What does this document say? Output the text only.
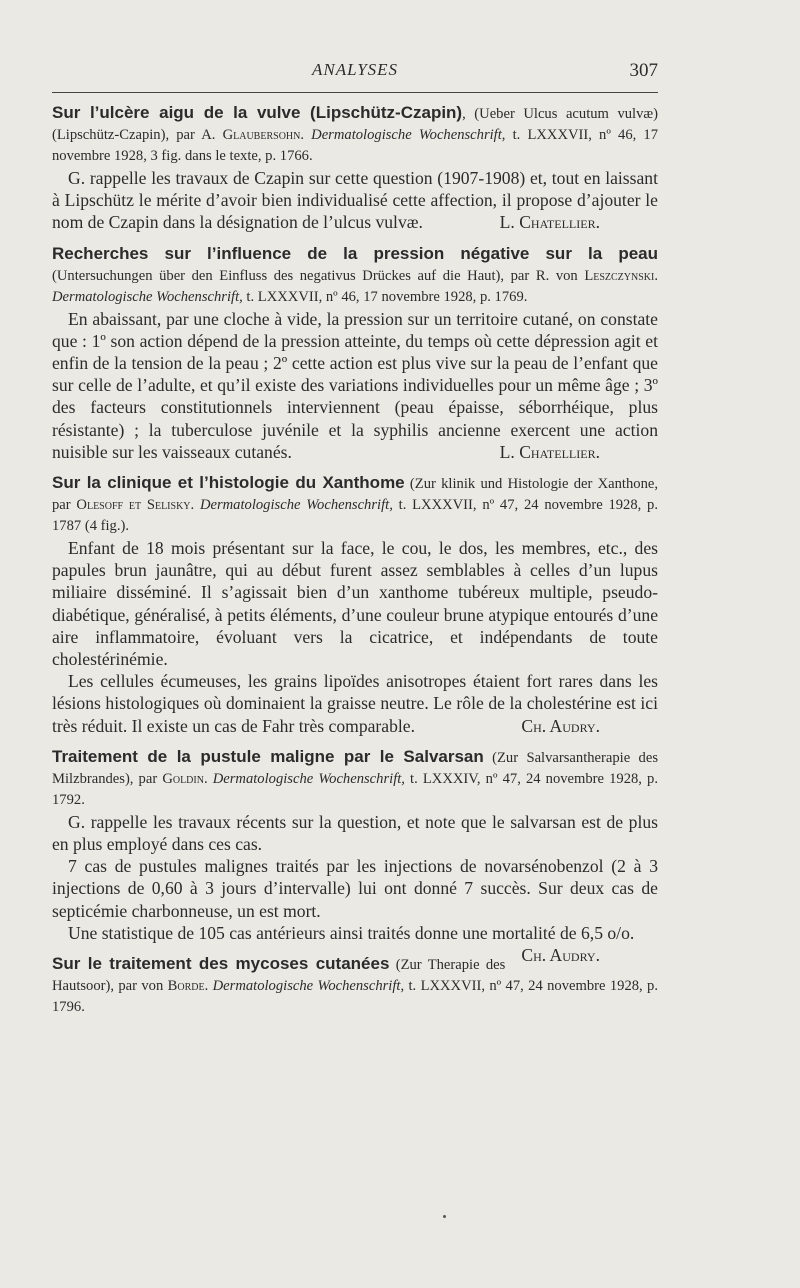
ANALYSES	307

Sur l’ulcère aigu de la vulve (Lipschütz-Czapin), (Ueber Ulcus acutum vulvæ) (Lipschütz-Czapin), par A. Glaubersohn. Dermatologische Wochenschrift, t. LXXXVII, nº 46, 17 novembre 1928, 3 fig. dans le texte, p. 1766.

G. rappelle les travaux de Czapin sur cette question (1907-1908) et, tout en laissant à Lipschütz le mérite d’avoir bien individualisé cette affection, il propose d’ajouter le nom de Czapin dans la désignation de l’ulcus vulvæ.	L. Chatellier.

Recherches sur l’influence de la pression négative sur la peau (Untersuchungen über den Einfluss des negativus Drückes auf die Haut), par R. von Leszczynski. Dermatologische Wochenschrift, t. LXXXVII, nº 46, 17 novembre 1928, p. 1769.

En abaissant, par une cloche à vide, la pression sur un territoire cutané, on constate que : 1º son action dépend de la pression atteinte, du temps où cette dépression agit et enfin de la tension de la peau ; 2º cette action est plus vive sur la peau de l’enfant que sur celle de l’adulte, et qu’il existe des variations individuelles pour un même âge ; 3º des facteurs constitutionnels interviennent (peau épaisse, séborrhéique, plus résistante) ; la tuberculose juvénile et la syphilis ancienne exercent une action nuisible sur les vaisseaux cutanés.	L. Chatellier.

Sur la clinique et l’histologie du Xanthome (Zur klinik und Histologie der Xanthone, par Olesoff et Selisky. Dermatologische Wochenschrift, t. LXXXVII, nº 47, 24 novembre 1928, p. 1787 (4 fig.).

Enfant de 18 mois présentant sur la face, le cou, le dos, les membres, etc., des papules brun jaunâtre, qui au début furent assez semblables à celles d’un lupus miliaire disséminé. Il s’agissait bien d’un xanthome tubéreux multiple, pseudo-diabétique, généralisé, à petits éléments, d’une couleur brune atypique entourés d’une aire inflammatoire, évoluant vers la cicatrice, et indépendants de toute cholestérinémie.

Les cellules écumeuses, les grains lipoïdes anisotropes étaient fort rares dans les lésions histologiques où dominaient la graisse neutre. Le rôle de la cholestérine est ici très réduit. Il existe un cas de Fahr très comparable.	Ch. Audry.

Traitement de la pustule maligne par le Salvarsan (Zur Salvarsantherapie des Milzbrandes), par Goldin. Dermatologische Wochenschrift, t. LXXXIV, nº 47, 24 novembre 1928, p. 1792.

G. rappelle les travaux récents sur la question, et note que le salvarsan est de plus en plus employé dans ces cas.

7 cas de pustules malignes traités par les injections de novarsénobenzol (2 à 3 injections de 0,60 à 3 jours d’intervalle) lui ont donné 7 succès. Sur deux cas de septicémie charbonneuse, un est mort.

Une statistique de 105 cas antérieurs ainsi traités donne une mortalité de 6,5 o/o.
Ch. Audry.

Sur le traitement des mycoses cutanées (Zur Therapie des Hautsoor), par von Borde. Dermatologische Wochenschrift, t. LXXXVII, nº 47, 24 novembre 1928, p. 1796.
